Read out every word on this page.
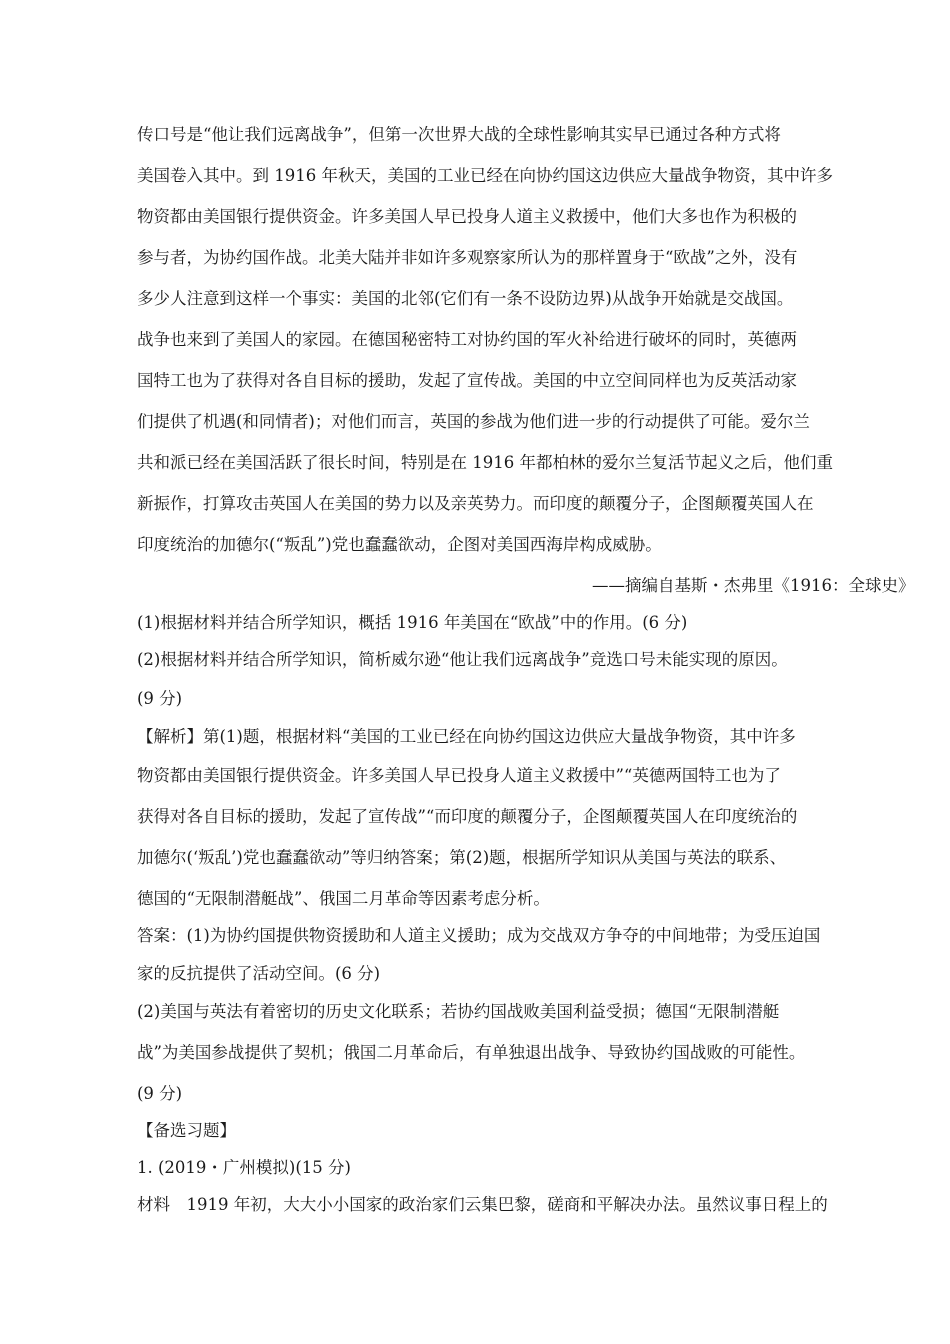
传口号是“他让我们远离战争”，但第一次世界大战的全球性影响其实早已通过各种方式将
美国卷入其中。到 1916 年秋天，美国的工业已经在向协约国这边供应大量战争物资，其中许多
物资都由美国银行提供资金。许多美国人早已投身人道主义救援中，他们大多也作为积极的
参与者，为协约国作战。北美大陆并非如许多观察家所认为的那样置身于“欧战”之外，没有
多少人注意到这样一个事实：美国的北邻(它们有一条不设防边界)从战争开始就是交战国。
战争也来到了美国人的家园。在德国秘密特工对协约国的军火补给进行破坏的同时，英德两
国特工也为了获得对各自目标的援助，发起了宣传战。美国的中立空间同样也为反英活动家
们提供了机遇(和同情者)；对他们而言，英国的参战为他们进一步的行动提供了可能。爱尔兰
共和派已经在美国活跃了很长时间，特别是在 1916 年都柏林的爱尔兰复活节起义之后，他们重
新振作，打算攻击英国人在美国的势力以及亲英势力。而印度的颠覆分子，企图颠覆英国人在
印度统治的加德尔(“叛乱”)党也蠢蠢欲动，企图对美国西海岸构成威胁。
——摘编自基斯・杰弗里《1916：全球史》
(1)根据材料并结合所学知识，概括 1916 年美国在“欧战”中的作用。(6 分)
(2)根据材料并结合所学知识，简析威尔逊“他让我们远离战争”竞选口号未能实现的原因。
(9 分)
【解析】第(1)题，根据材料“美国的工业已经在向协约国这边供应大量战争物资，其中许多
物资都由美国银行提供资金。许多美国人早已投身人道主义救援中”“英德两国特工也为了
获得对各自目标的援助，发起了宣传战”“而印度的颠覆分子，企图颠覆英国人在印度统治的
加德尔(‘叛乱’)党也蠢蠢欲动”等归纳答案；第(2)题，根据所学知识从美国与英法的联系、
德国的“无限制潜艇战”、俄国二月革命等因素考虑分析。
答案：(1)为协约国提供物资援助和人道主义援助；成为交战双方争夺的中间地带；为受压迫国
家的反抗提供了活动空间。(6 分)
(2)美国与英法有着密切的历史文化联系；若协约国战败美国利益受损；德国“无限制潜艇
战”为美国参战提供了契机；俄国二月革命后，有单独退出战争、导致协约国战败的可能性。
(9 分)
【备选习题】
1. (2019・广州模拟)(15 分)
材料　1919 年初，大大小小国家的政治家们云集巴黎，磋商和平解决办法。虽然议事日程上的
